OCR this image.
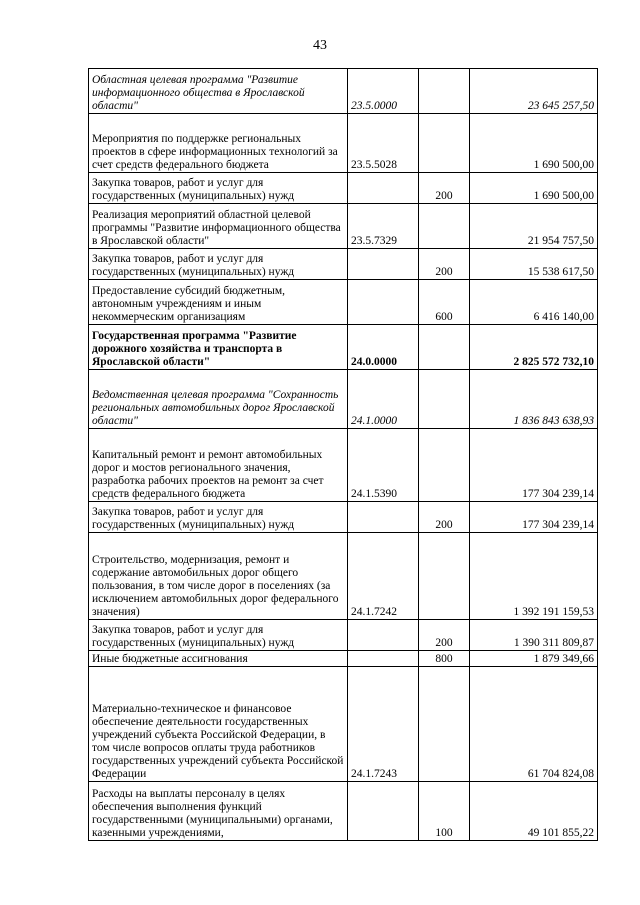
43
Областная целевая программа "Развитие информационного общества в Ярославской области"	23.5.0000		23 645 257,50
Мероприятия по поддержке региональных проектов в сфере информационных технологий за счет средств федерального бюджета	23.5.5028		1 690 500,00
Закупка товаров, работ и услуг для государственных (муниципальных) нужд		200	1 690 500,00
Реализация мероприятий областной целевой программы "Развитие информационного общества в Ярославской области"	23.5.7329		21 954 757,50
Закупка товаров, работ и услуг для государственных (муниципальных) нужд		200	15 538 617,50
Предоставление субсидий бюджетным, автономным учреждениям и иным некоммерческим организациям		600	6 416 140,00
Государственная программа "Развитие дорожного хозяйства и транспорта в Ярославской области"	24.0.0000		2 825 572 732,10
Ведомственная целевая программа "Сохранность региональных автомобильных дорог Ярославской области"	24.1.0000		1 836 843 638,93
Капитальный ремонт и ремонт автомобильных дорог и мостов регионального значения, разработка рабочих проектов на ремонт за счет средств федерального бюджета	24.1.5390		177 304 239,14
Закупка товаров, работ и услуг для государственных (муниципальных) нужд		200	177 304 239,14
Строительство, модернизация, ремонт и содержание автомобильных дорог общего пользования, в том числе дорог в поселениях (за исключением автомобильных дорог федерального значения)	24.1.7242		1 392 191 159,53
Закупка товаров, работ и услуг для государственных (муниципальных) нужд		200	1 390 311 809,87
Иные бюджетные ассигнования		800	1 879 349,66
Материально-техническое и финансовое обеспечение деятельности государственных учреждений субъекта Российской Федерации, в том числе вопросов оплаты труда работников государственных учреждений субъекта Российской Федерации	24.1.7243		61 704 824,08
Расходы на выплаты персоналу в целях обеспечения выполнения функций государственными (муниципальными) органами, казенными учреждениями,		100	49 101 855,22
